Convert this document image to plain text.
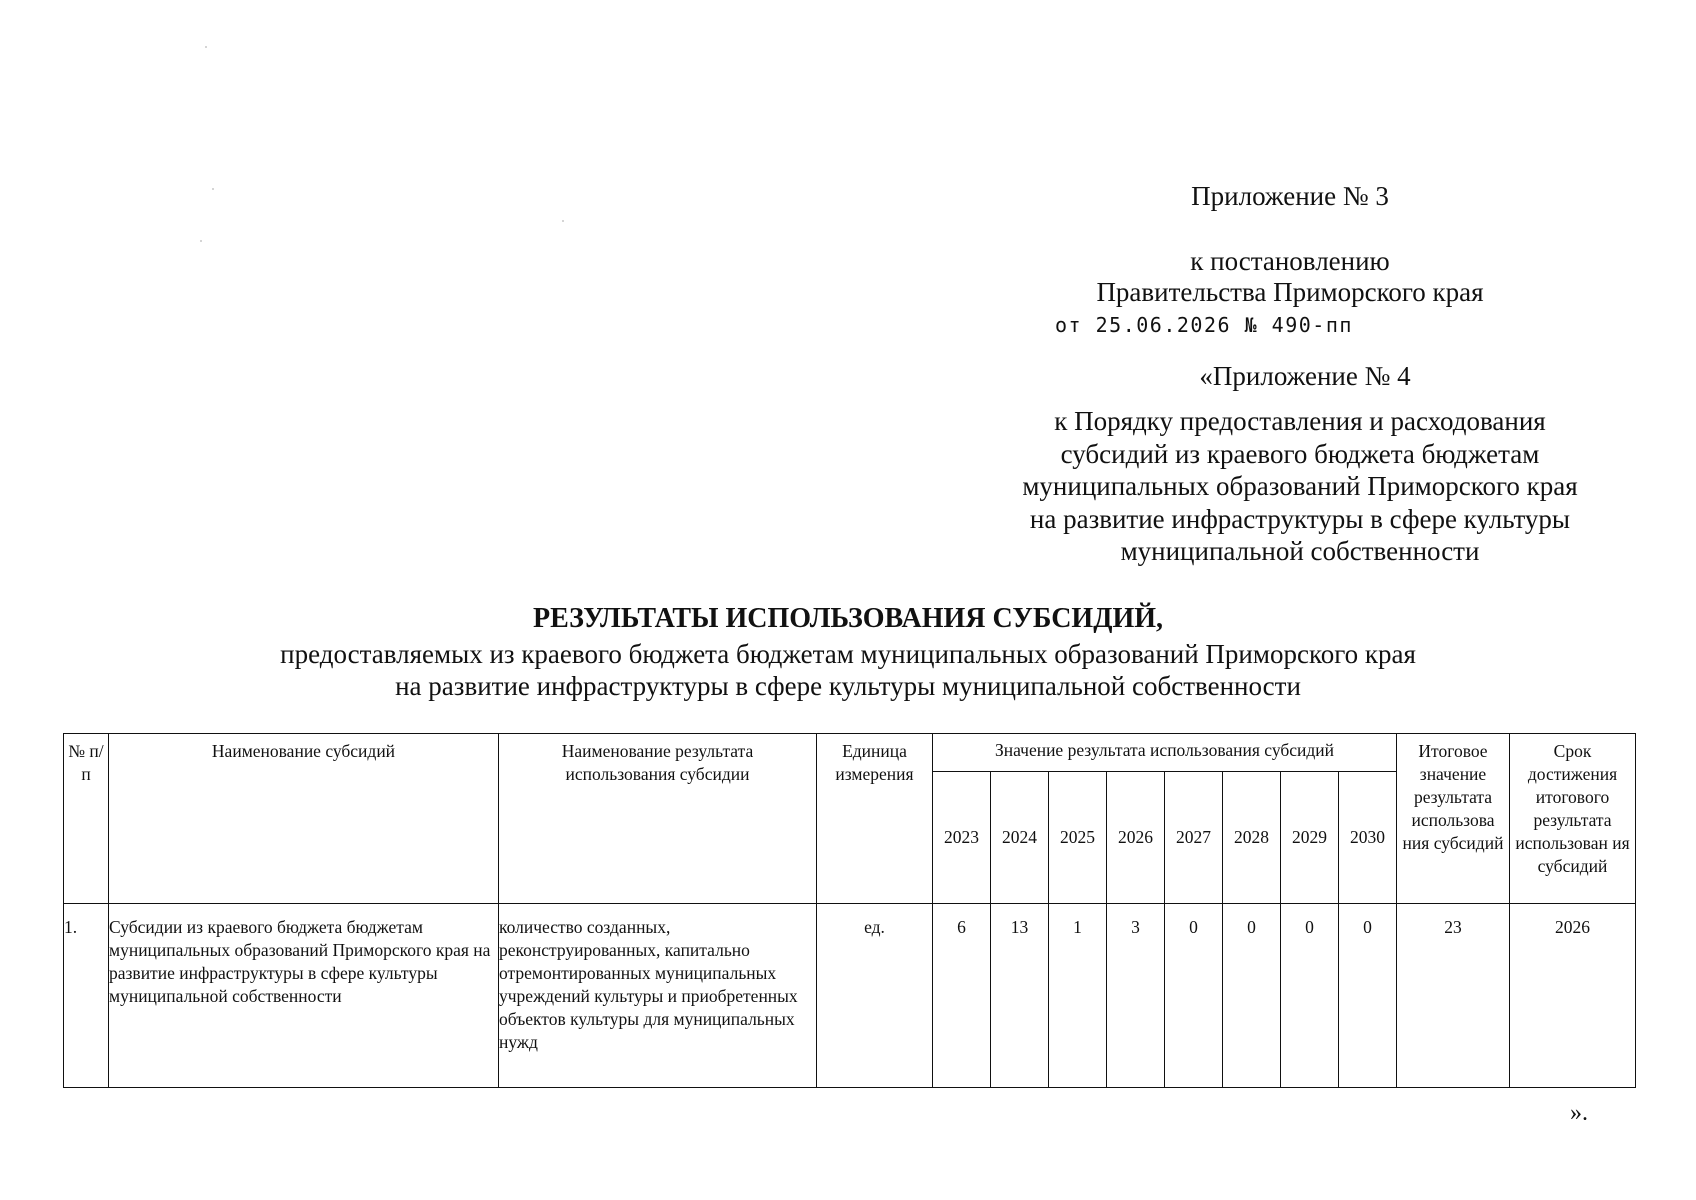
Приложение № 3
к постановлению
Правительства Приморского края
от 25.06.2026 № 490-пп
«Приложение № 4
к Порядку предоставления и расходования
субсидий из краевого бюджета бюджетам
муниципальных образований Приморского края
на развитие инфраструктуры в сфере культуры
муниципальной собственности
РЕЗУЛЬТАТЫ ИСПОЛЬЗОВАНИЯ СУБСИДИЙ,
предоставляемых из краевого бюджета бюджетам муниципальных образований Приморского края
на развитие инфраструктуры в сфере культуры муниципальной собственности
№ п/п	Наименование субсидий	Наименование результата использования субсидии	Единица измерения	Значение результата использования субсидий								Итоговое значение результата использова ния субсидий	Срок достижения итогового результата использован ия субсидий
				2023	2024	2025	2026	2027	2028	2029	2030		
1.	Субсидии из краевого бюджета бюджетам муниципальных образований Приморского края на развитие инфраструктуры в сфере культуры муниципальной собственности	количество созданных, реконструированных, капитально отремонтированных муниципальных учреждений культуры и приобретенных объектов культуры для муниципальных нужд	ед.	6	13	1	3	0	0	0	0	23	2026
».
